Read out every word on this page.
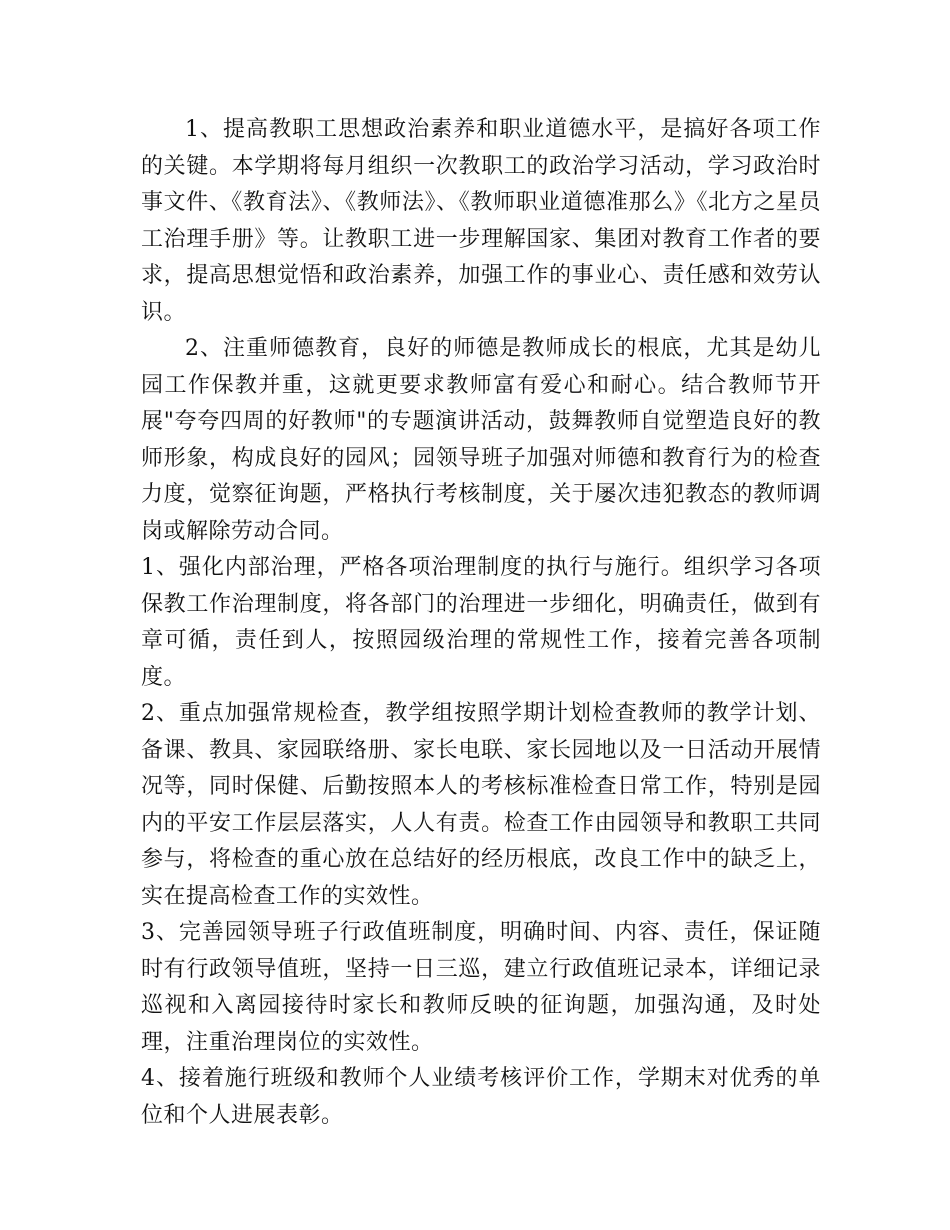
1、提高教职工思想政治素养和职业道德水平，是搞好各项工作的关键。本学期将每月组织一次教职工的政治学习活动，学习政治时事文件、《教育法》、《教师法》、《教师职业道德准那么》《北方之星员工治理手册》等。让教职工进一步理解国家、集团对教育工作者的要求，提高思想觉悟和政治素养，加强工作的事业心、责任感和效劳认识。

2、注重师德教育，良好的师德是教师成长的根底，尤其是幼儿园工作保教并重，这就更要求教师富有爱心和耐心。结合教师节开展"夸夸四周的好教师"的专题演讲活动，鼓舞教师自觉塑造良好的教师形象，构成良好的园风；园领导班子加强对师德和教育行为的检查力度，觉察征询题，严格执行考核制度，关于屡次违犯教态的教师调岗或解除劳动合同。

1、强化内部治理，严格各项治理制度的执行与施行。组织学习各项保教工作治理制度，将各部门的治理进一步细化，明确责任，做到有章可循，责任到人，按照园级治理的常规性工作，接着完善各项制度。

2、重点加强常规检查，教学组按照学期计划检查教师的教学计划、备课、教具、家园联络册、家长电联、家长园地以及一日活动开展情况等，同时保健、后勤按照本人的考核标准检查日常工作，特别是园内的平安工作层层落实，人人有责。检查工作由园领导和教职工共同参与，将检查的重心放在总结好的经历根底，改良工作中的缺乏上，实在提高检查工作的实效性。

3、完善园领导班子行政值班制度，明确时间、内容、责任，保证随时有行政领导值班，坚持一日三巡，建立行政值班记录本，详细记录巡视和入离园接待时家长和教师反映的征询题，加强沟通，及时处理，注重治理岗位的实效性。

4、接着施行班级和教师个人业绩考核评价工作，学期末对优秀的单位和个人进展表彰。
